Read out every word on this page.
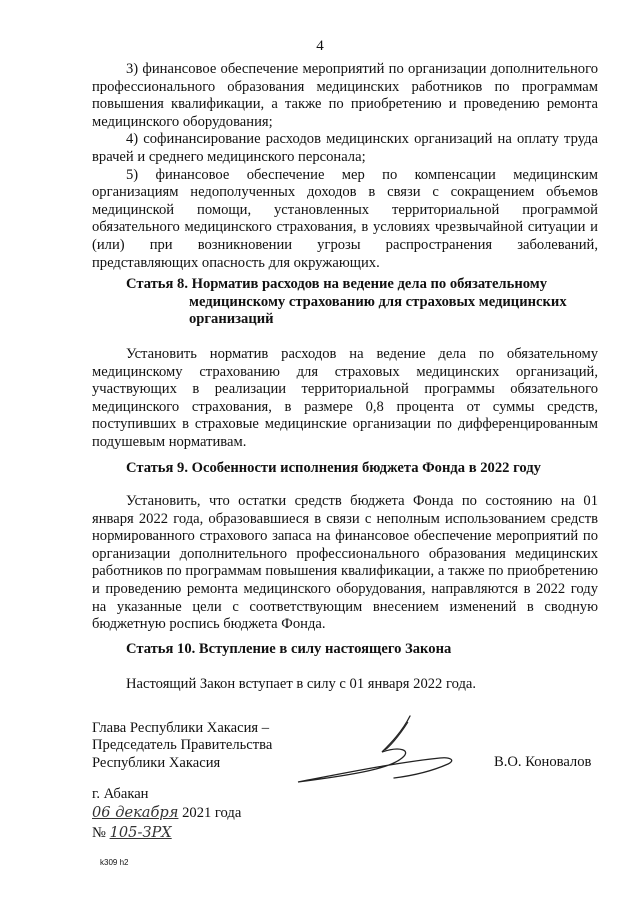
4

3) финансовое обеспечение мероприятий по организации дополнительного профессионального образования медицинских работников по программам повышения квалификации, а также по приобретению и проведению ремонта медицинского оборудования;

4) софинансирование расходов медицинских организаций на оплату труда врачей и среднего медицинского персонала;

5) финансовое обеспечение мер по компенсации медицинским организациям недополученных доходов в связи с сокращением объемов медицинской помощи, установленных территориальной программой обязательного медицинского страхования, в условиях чрезвычайной ситуации и (или) при возникновении угрозы распространения заболеваний, представляющих опасность для окружающих.

Статья 8. Норматив расходов на ведение дела по обязательному медицинскому страхованию для страховых медицинских организаций

Установить норматив расходов на ведение дела по обязательному медицинскому страхованию для страховых медицинских организаций, участвующих в реализации территориальной программы обязательного медицинского страхования, в размере 0,8 процента от суммы средств, поступивших в страховые медицинские организации по дифференцированным подушевым нормативам.

Статья 9. Особенности исполнения бюджета Фонда в 2022 году

Установить, что остатки средств бюджета Фонда по состоянию на 01 января 2022 года, образовавшиеся в связи с неполным использованием средств нормированного страхового запаса на финансовое обеспечение мероприятий по организации дополнительного профессионального образования медицинских работников по программам повышения квалификации, а также по приобретению и проведению ремонта медицинского оборудования, направляются в 2022 году на указанные цели с соответствующим внесением изменений в сводную бюджетную роспись бюджета Фонда.

Статья 10. Вступление в силу настоящего Закона
Настоящий Закон вступает в силу с 01 января 2022 года.
Глава Республики Хакасия –
Председатель Правительства
Республики Хакасия	В.О. Коновалов
г. Абакан
06 декабря 2021 года
№ 105-ЗРХ
k309 h2
